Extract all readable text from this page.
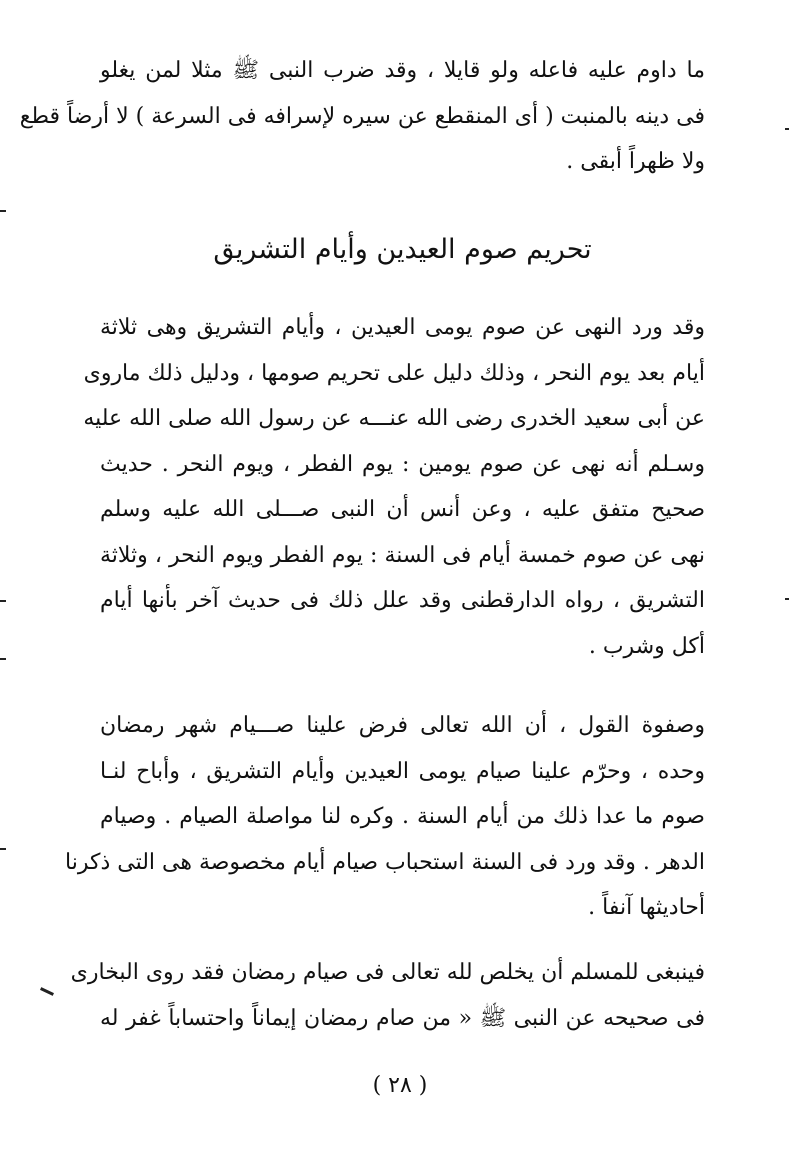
ما داوم عليه فاعله ولو قايلا ، وقد ضرب النبى ﷺ مثلا لمن يغلو
فى دينه بالمنبت ( أى المنقطع عن سيره لإسرافه فى السرعة ) لا أرضاً قطع
ولا ظهراً أبقى .
تحريم صوم العيدين وأيام التشريق
وقد ورد النهى عن صوم يومى العيدين ، وأيام التشريق وهى ثلاثة
أيام بعد يوم النحر ، وذلك دليل على تحريم صومها ، ودليل ذلك ماروى
عن أبى سعيد الخدرى رضى الله عنـــه عن رسول الله صلى الله عليه
وسـلم أنه نهى عن صوم يومين : يوم الفطر ، ويوم النحر . حديث
صحيح متفق عليه ، وعن أنس أن النبى صـــلى الله عليه وسلم
نهى عن صوم خمسة أيام فى السنة : يوم الفطر ويوم النحر ، وثلاثة
التشريق ، رواه الدارقطنى وقد علل ذلك فى حديث آخر بأنها أيام
أكل وشرب .
وصفوة القول ، أن الله تعالى فرض علينا صـــيام شهر رمضان
وحده ، وحرّم علينا صيام يومى العيدين وأيام التشريق ، وأباح لنـا
صوم ما عدا ذلك من أيام السنة . وكره لنا مواصلة الصيام . وصيام
الدهر . وقد ورد فى السنة استحباب صيام أيام مخصوصة هى التى ذكرنا
أحاديثها آنفاً .
فينبغى للمسلم أن يخلص لله تعالى فى صيام رمضان فقد روى البخارى
فى صحيحه عن النبى ﷺ « من صام رمضان إيماناً واحتساباً غفر له
( ٢٨ )
